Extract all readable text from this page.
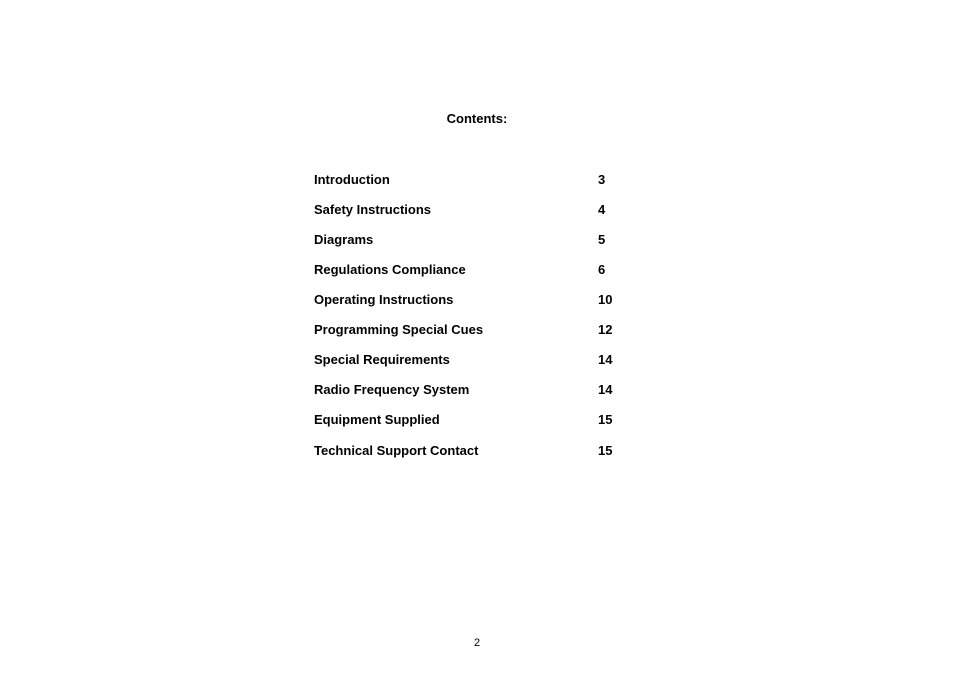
Contents:
Introduction	3
Safety Instructions	4
Diagrams	5
Regulations Compliance	6
Operating Instructions	10
Programming Special Cues	12
Special Requirements	14
Radio Frequency System	14
Equipment Supplied	15
Technical Support Contact	15
2
